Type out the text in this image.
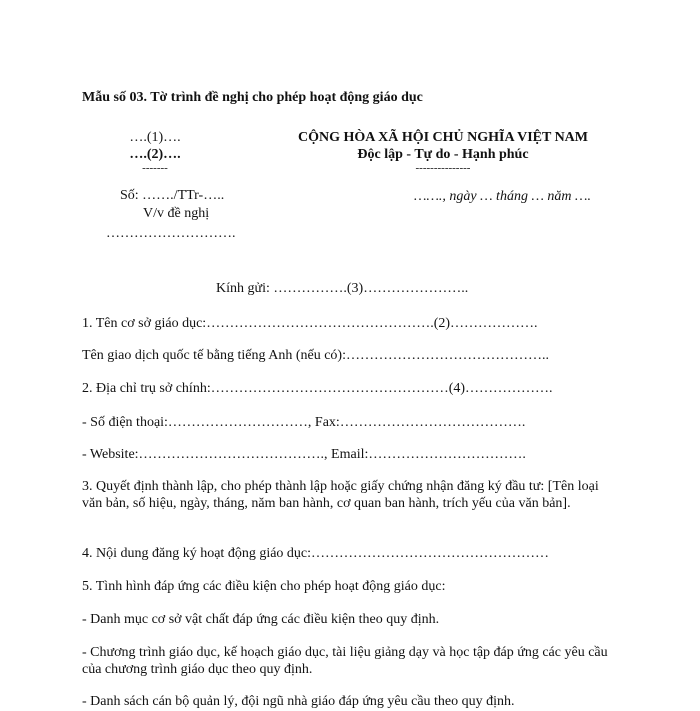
Mẫu số 03. Tờ trình đề nghị cho phép hoạt động giáo dục
….(1)….
….(2)….
-------
Số: ……./TTr-…..
V/v đề nghị
……………………….
CỘNG HÒA XÃ HỘI CHỦ NGHĨA VIỆT NAM
Độc lập - Tự do - Hạnh phúc
---------------
……., ngày … tháng … năm ….
Kính gửi: …………….(3)…………………..
1. Tên cơ sở giáo dục:………………………………………….(2)……………….
Tên giao dịch quốc tế bằng tiếng Anh (nếu có):……………………………………..
2. Địa chỉ trụ sở chính:……………………………………………(4)……………….
- Số điện thoại:…………………………, Fax:………………………………….
- Website:…………………………………., Email:…………………………….
3. Quyết định thành lập, cho phép thành lập hoặc giấy chứng nhận đăng ký đầu tư: [Tên loại văn bản, số hiệu, ngày, tháng, năm ban hành, cơ quan ban hành, trích yếu của văn bản].
4. Nội dung đăng ký hoạt động giáo dục:……………………………………………
5. Tình hình đáp ứng các điều kiện cho phép hoạt động giáo dục:
- Danh mục cơ sở vật chất đáp ứng các điều kiện theo quy định.
- Chương trình giáo dục, kế hoạch giáo dục, tài liệu giảng dạy và học tập đáp ứng các yêu cầu của chương trình giáo dục theo quy định.
- Danh sách cán bộ quản lý, đội ngũ nhà giáo đáp ứng yêu cầu theo quy định.
